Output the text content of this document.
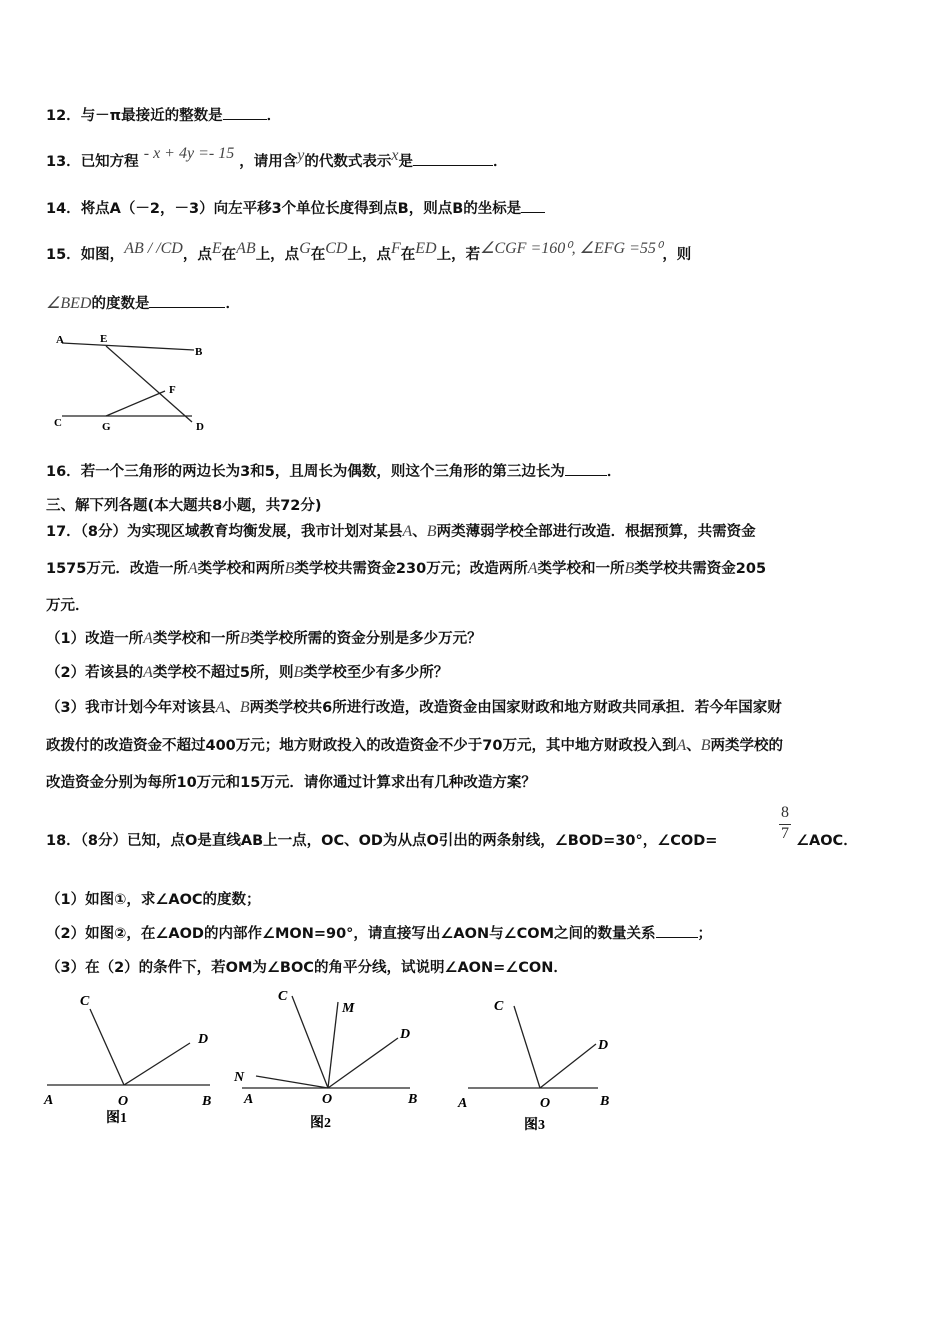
12．与－π最接近的整数是	．
13．已知方程 - x + 4y =- 15 ，请用含y的代数式表示x是	．
14．将点A（－2，－3）向左平移3个单位长度得到点B，则点B的坐标是
15．如图，AB / /CD，点E在AB上，点G在CD上，点F在ED上，若∠CGF =160⁰, ∠EFG =55⁰，则
∠BED的度数是	．
A	E
B
F
C	G	D
16．若一个三角形的两边长为3和5，且周长为偶数，则这个三角形的第三边长为	．
三、解下列各题(本大题共8小题，共72分)
17．（8分）为实现区域教育均衡发展，我市计划对某县A、B两类薄弱学校全部进行改造．根据预算，共需资金
1575万元．改造一所A类学校和两所B类学校共需资金230万元；改造两所A类学校和一所B类学校共需资金205
万元．
（1）改造一所A类学校和一所B类学校所需的资金分别是多少万元？
（2）若该县的A类学校不超过5所，则B类学校至少有多少所？
（3）我市计划今年对该县A、B两类学校共6所进行改造，改造资金由国家财政和地方财政共同承担．若今年国家财
政拨付的改造资金不超过400万元；地方财政投入的改造资金不少于70万元，其中地方财政投入到A、B两类学校的
改造资金分别为每所10万元和15万元．请你通过计算求出有几种改造方案？
18．（8分）已知，点O是直线AB上一点，OC、OD为从点O引出的两条射线，∠BOD=30°，∠COD=
8
7 ∠AOC．
（1）如图①，求∠AOC的度数；
（2）如图②，在∠AOD的内部作∠MON=90°，请直接写出∠AON与∠COM之间的数量关系	；
（3）在（2）的条件下，若OM为∠BOC的角平分线，试说明∠AON=∠CON．
C
D
A	O	B
图1
C
M
D
N
A	O	B
图2
C
D
A	O	B
图3
